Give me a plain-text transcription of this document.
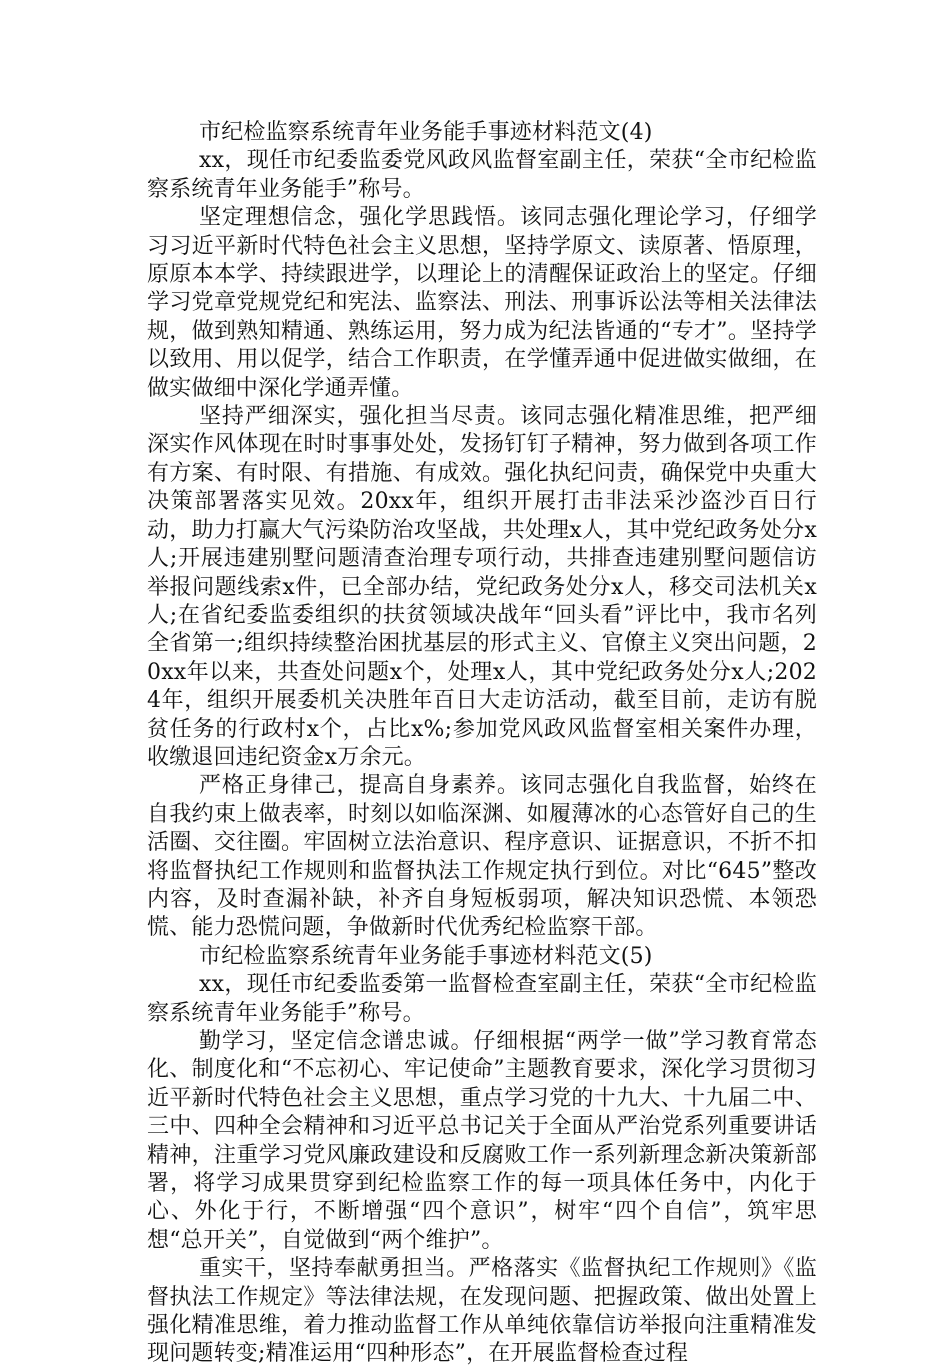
市纪检监察系统青年业务能手事迹材料范文(4)

xx，现任市纪委监委党风政风监督室副主任，荣获“全市纪检监察系统青年业务能手”称号。

坚定理想信念，强化学思践悟。该同志强化理论学习，仔细学习习近平新时代特色社会主义思想，坚持学原文、读原著、悟原理，原原本本学、持续跟进学，以理论上的清醒保证政治上的坚定。仔细学习党章党规党纪和宪法、监察法、刑法、刑事诉讼法等相关法律法规，做到熟知精通、熟练运用，努力成为纪法皆通的“专才”。坚持学以致用、用以促学，结合工作职责，在学懂弄通中促进做实做细，在做实做细中深化学通弄懂。

坚持严细深实，强化担当尽责。该同志强化精准思维，把严细深实作风体现在时时事事处处，发扬钉钉子精神，努力做到各项工作有方案、有时限、有措施、有成效。强化执纪问责，确保党中央重大决策部署落实见效。20xx年，组织开展打击非法采沙盗沙百日行动，助力打赢大气污染防治攻坚战，共处理x人，其中党纪政务处分x人;开展违建别墅问题清查治理专项行动，共排查违建别墅问题信访举报问题线索x件，已全部办结，党纪政务处分x人，移交司法机关x人;在省纪委监委组织的扶贫领域决战年“回头看”评比中，我市名列全省第一;组织持续整治困扰基层的形式主义、官僚主义突出问题，20xx年以来，共查处问题x个，处理x人，其中党纪政务处分x人;2024年，组织开展委机关决胜年百日大走访活动，截至目前，走访有脱贫任务的行政村x个，占比x%;参加党风政风监督室相关案件办理，收缴退回违纪资金x万余元。

严格正身律己，提高自身素养。该同志强化自我监督，始终在自我约束上做表率，时刻以如临深渊、如履薄冰的心态管好自己的生活圈、交往圈。牢固树立法治意识、程序意识、证据意识，不折不扣将监督执纪工作规则和监督执法工作规定执行到位。对比“645”整改内容，及时查漏补缺，补齐自身短板弱项，解决知识恐慌、本领恐慌、能力恐慌问题，争做新时代优秀纪检监察干部。

市纪检监察系统青年业务能手事迹材料范文(5)

xx，现任市纪委监委第一监督检查室副主任，荣获“全市纪检监察系统青年业务能手”称号。

勤学习，坚定信念谱忠诚。仔细根据“两学一做”学习教育常态化、制度化和“不忘初心、牢记使命”主题教育要求，深化学习贯彻习近平新时代特色社会主义思想，重点学习党的十九大、十九届二中、三中、四种全会精神和习近平总书记关于全面从严治党系列重要讲话精神，注重学习党风廉政建设和反腐败工作一系列新理念新决策新部署，将学习成果贯穿到纪检监察工作的每一项具体任务中，内化于心、外化于行，不断增强“四个意识”，树牢“四个自信”，筑牢思想“总开关”，自觉做到“两个维护”。

重实干，坚持奉献勇担当。严格落实《监督执纪工作规则》《监督执法工作规定》等法律法规，在发现问题、把握政策、做出处置上强化精准思维，着力推动监督工作从单纯依靠信访举报向注重精准发现问题转变;精准运用“四种形态”，在开展监督检查过程
